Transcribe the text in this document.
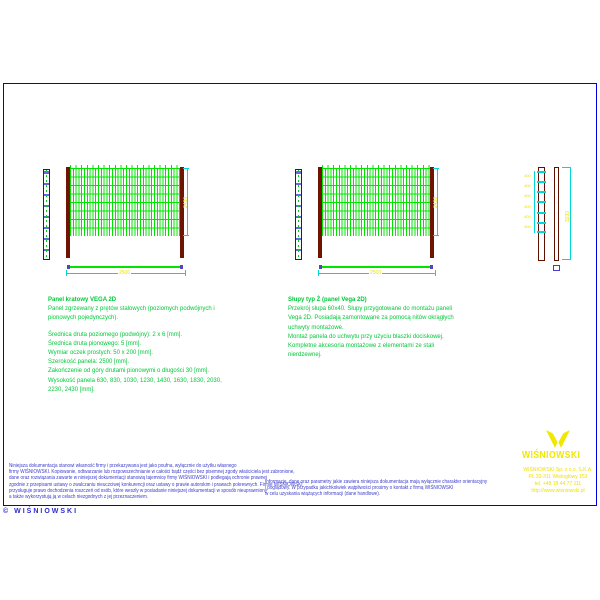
2430
2500
2430
2500
400
400
400
400
400
400
3230
Panel kratowy VEGA 2D
Panel zgrzewany z prętów stalowych (poziomych podwójnych i
pionowych pojedynczych).
Średnica druta poziomego (podwójny): 2 x 6 [mm].
Średnica druta pionowego: 5 [mm].
Wymiar oczek prostych: 50 x 200 [mm].
Szerokość panela: 2500 [mm].
Zakończenie od góry drutami pionowymi o długości 30 [mm].
Wysokość panela 630, 830, 1030, 1230, 1430, 1630, 1830, 2030,
2230, 2430 [mm].
Słupy typ Ż (panel Vega 2D)
Przekrój słupa 60x40. Słupy przygotowane do montażu paneli
Vega 2D. Posiadają zamontowane za pomocą nitów okrągłych
uchwyty montażowe.
Montaż panela do uchwytu przy użyciu blaszki dociskowej.
Kompletne akcesoria montażowe z elementami ze stali
nierdzewnej.
Niniejsza dokumentacja stanowi własność firmy i przekazywana jest jako poufna, wyłącznie do użytku własnego
firmy WIŚNIOWSKI. Kopiowanie, odtwarzanie lub rozpowszechnianie w całości bądź części bez pisemnej zgody właściciela jest zabronione,
dane oraz rozwiązania zawarte w niniejszej dokumentacji stanowią tajemnicę firmy WIŚNIOWSKI i podlegają ochronie prawnej
zgodnie z przepisami ustawy o zwalczaniu nieuczciwej konkurencji oraz ustawy o prawie autorskim i prawach pokrewnych. Firmie WIŚNIOWSKI
przysługuje prawo dochodzenia roszczeń od osób, które weszły w posiadanie niniejszej dokumentacji w sposób nieuprawniony
a także wykorzystują ją w celach niezgodnych z jej przeznaczeniem.
Informacje, dane oraz parametry jakie zawiera niniejsza dokumentacja mają wyłącznie charakter orientacyjny
i poglądowy. W przypadku jakichkolwiek wątpliwości prosimy o kontakt z firmą WIŚNIOWSKI
w celu uzyskania wiążących informacji (dane handlowe).
WIŚNIOWSKI
WIŚNIOWSKI Sp. z o.o. S.K.A.
PL 33-311 Wielogłowy 153
tel. +48 18 44 77 111
http://www.wisniowski.pl
© WIŚNIOWSKI
